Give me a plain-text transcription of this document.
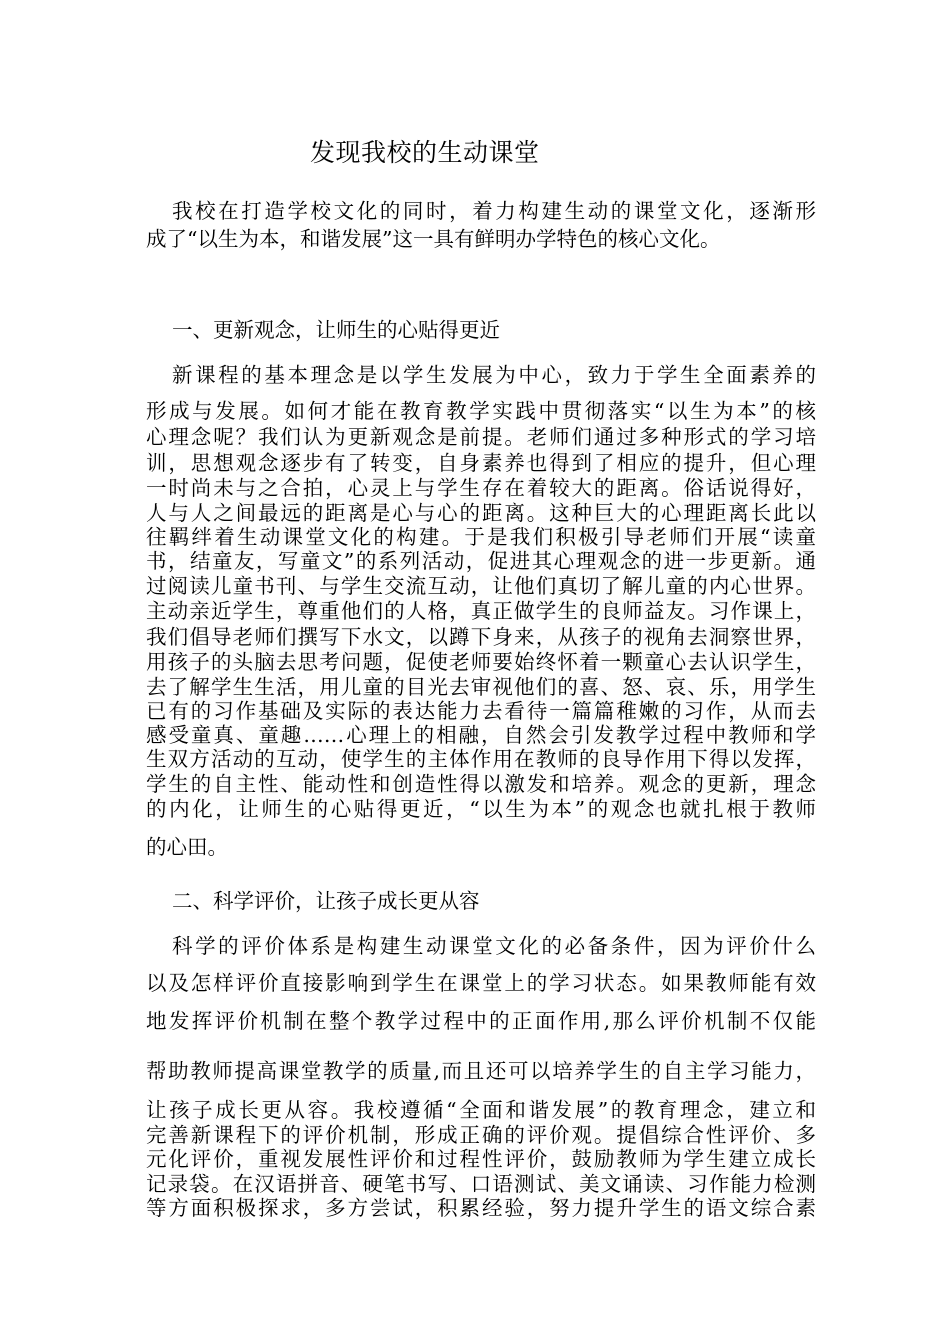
发现我校的生动课堂
我校在打造学校文化的同时，着力构建生动的课堂文化，逐渐形
成了“以生为本，和谐发展”这一具有鲜明办学特色的核心文化。
一、更新观念，让师生的心贴得更近
新课程的基本理念是以学生发展为中心，致力于学生全面素养的
形成与发展。如何才能在教育教学实践中贯彻落实“以生为本”的核
心理念呢？我们认为更新观念是前提。老师们通过多种形式的学习培
训，思想观念逐步有了转变，自身素养也得到了相应的提升，但心理
一时尚未与之合拍，心灵上与学生存在着较大的距离。俗话说得好，
人与人之间最远的距离是心与心的距离。这种巨大的心理距离长此以
往羁绊着生动课堂文化的构建。于是我们积极引导老师们开展“读童
书，结童友，写童文”的系列活动，促进其心理观念的进一步更新。通
过阅读儿童书刊、与学生交流互动，让他们真切了解儿童的内心世界。
主动亲近学生，尊重他们的人格，真正做学生的良师益友。习作课上，
我们倡导老师们撰写下水文，以蹲下身来，从孩子的视角去洞察世界，
用孩子的头脑去思考问题，促使老师要始终怀着一颗童心去认识学生，
去了解学生生活，用儿童的目光去审视他们的喜、怒、哀、乐，用学生
已有的习作基础及实际的表达能力去看待一篇篇稚嫩的习作，从而去
感受童真、童趣……心理上的相融，自然会引发教学过程中教师和学
生双方活动的互动，使学生的主体作用在教师的良导作用下得以发挥，
学生的自主性、能动性和创造性得以激发和培养。观念的更新，理念
的内化，让师生的心贴得更近，“以生为本”的观念也就扎根于教师
的心田。
二、科学评价，让孩子成长更从容
科学的评价体系是构建生动课堂文化的必备条件，因为评价什么
以及怎样评价直接影响到学生在课堂上的学习状态。如果教师能有效
地发挥评价机制在整个教学过程中的正面作用,那么评价机制不仅能
帮助教师提高课堂教学的质量,而且还可以培养学生的自主学习能力，
让孩子成长更从容。我校遵循“全面和谐发展”的教育理念，建立和
完善新课程下的评价机制，形成正确的评价观。提倡综合性评价、多
元化评价，重视发展性评价和过程性评价，鼓励教师为学生建立成长
记录袋。在汉语拼音、硬笔书写、口语测试、美文诵读、习作能力检测
等方面积极探求，多方尝试，积累经验，努力提升学生的语文综合素
